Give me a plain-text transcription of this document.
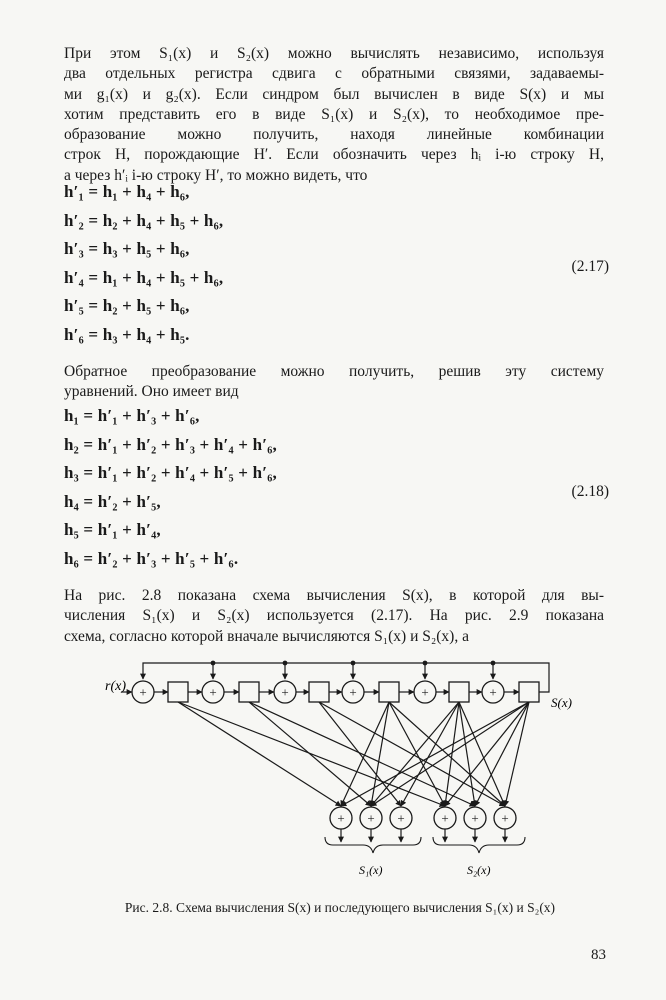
При этом S₁(x) и S₂(x) можно вычислять независимо, используя
два отдельных регистра сдвига с обратными связями, задаваемы-
ми g₁(x) и g₂(x). Если синдром был вычислен в виде S(x) и мы
хотим представить его в виде S₁(x) и S₂(x), то необходимое пре-
образование можно получить, находя линейные комбинации
строк H, порождающие H′. Если обозначить через hᵢ i-ю строку H,
а через h′ᵢ i-ю строку H′, то можно видеть, что
(2.17)
h′₁ = h₁ + h₄ + h₆,
h′₂ = h₂ + h₄ + h₅ + h₆,
h′₃ = h₃ + h₅ + h₆,
h′₄ = h₁ + h₄ + h₅ + h₆,
h′₅ = h₂ + h₅ + h₆,
h′₆ = h₃ + h₄ + h₅.
Обратное преобразование можно получить, решив эту систему
уравнений. Оно имеет вид
(2.18)
h₁ = h′₁ + h′₃ + h′₆,
h₂ = h′₁ + h′₂ + h′₃ + h′₄ + h′₆,
h₃ = h′₁ + h′₂ + h′₄ + h′₅ + h′₆,
h₄ = h′₂ + h′₅,
h₅ = h′₁ + h′₄,
h₆ = h′₂ + h′₃ + h′₅ + h′₆.
На рис. 2.8 показана схема вычисления S(x), в которой для вы-
числения S₁(x) и S₂(x) используется (2.17). На рис. 2.9 показана
схема, согласно которой вначале вычисляются S₁(x) и S₂(x), а
+	+	+	+	+	+
+ + +	+ + +
r(x)
S(x)
S₁(x)	S₂(x)
Рис. 2.8. Схема вычисления S(x) и последующего вычисления S₁(x) и S₂(x)
83
